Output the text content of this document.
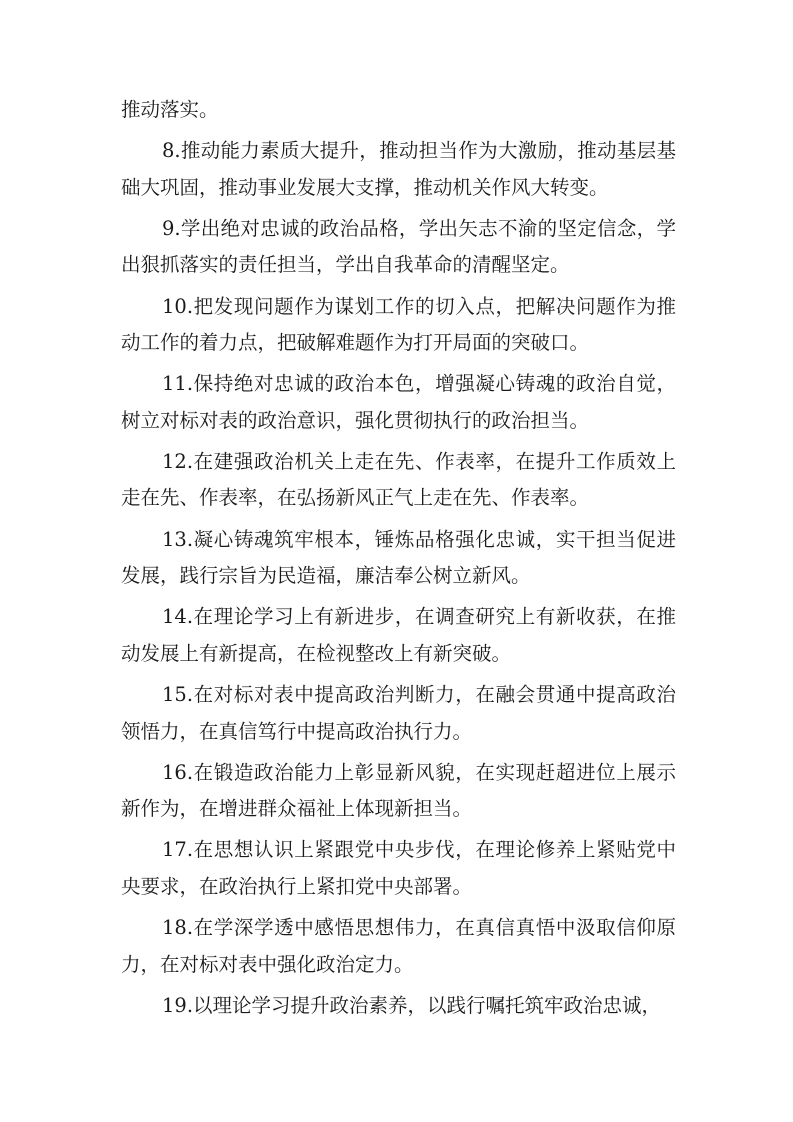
推动落实。

8.推动能力素质大提升，推动担当作为大激励，推动基层基础大巩固，推动事业发展大支撑，推动机关作风大转变。

9.学出绝对忠诚的政治品格，学出矢志不渝的坚定信念，学出狠抓落实的责任担当，学出自我革命的清醒坚定。

10.把发现问题作为谋划工作的切入点，把解决问题作为推动工作的着力点，把破解难题作为打开局面的突破口。

11.保持绝对忠诚的政治本色，增强凝心铸魂的政治自觉，树立对标对表的政治意识，强化贯彻执行的政治担当。

12.在建强政治机关上走在先、作表率，在提升工作质效上走在先、作表率，在弘扬新风正气上走在先、作表率。

13.凝心铸魂筑牢根本，锤炼品格强化忠诚，实干担当促进发展，践行宗旨为民造福，廉洁奉公树立新风。

14.在理论学习上有新进步，在调查研究上有新收获，在推动发展上有新提高，在检视整改上有新突破。

15.在对标对表中提高政治判断力，在融会贯通中提高政治领悟力，在真信笃行中提高政治执行力。

16.在锻造政治能力上彰显新风貌，在实现赶超进位上展示新作为，在增进群众福祉上体现新担当。

17.在思想认识上紧跟党中央步伐，在理论修养上紧贴党中央要求，在政治执行上紧扣党中央部署。

18.在学深学透中感悟思想伟力，在真信真悟中汲取信仰原力，在对标对表中强化政治定力。

19.以理论学习提升政治素养，以践行嘱托筑牢政治忠诚，
